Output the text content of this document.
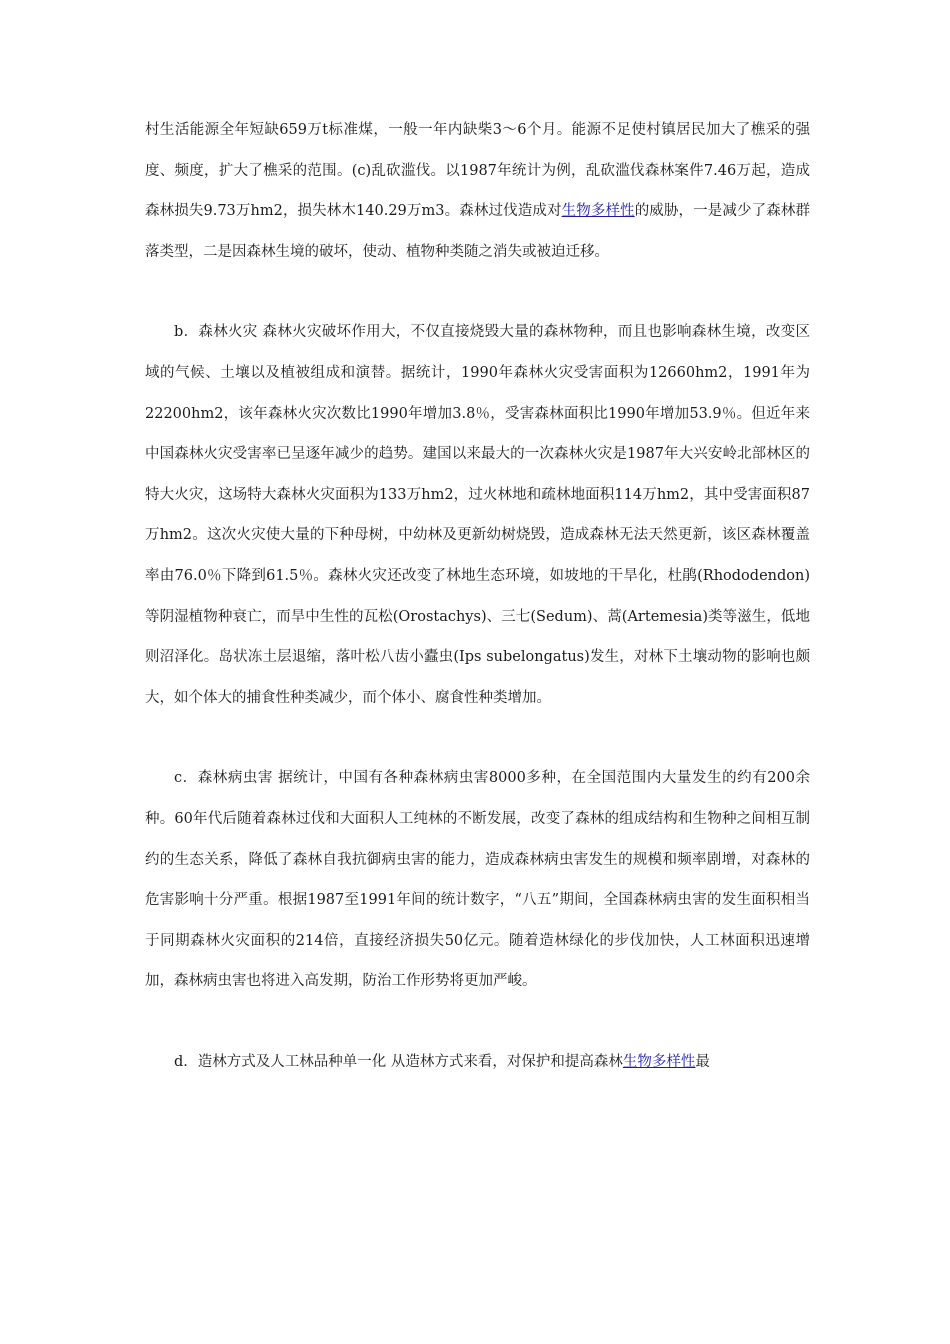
村生活能源全年短缺659万t标准煤，一般一年内缺柴3～6个月。能源不足使村镇居民加大了樵采的强度、频度，扩大了樵采的范围。(c)乱砍滥伐。以1987年统计为例，乱砍滥伐森林案件7.46万起，造成森林损失9.73万hm2，损失林木140.29万m3。森林过伐造成对生物多样性的威胁，一是减少了森林群落类型，二是因森林生境的破坏，使动、植物种类随之消失或被迫迁移。

b．森林火灾 森林火灾破坏作用大，不仅直接烧毁大量的森林物种，而且也影响森林生境，改变区域的气候、土壤以及植被组成和演替。据统计，1990年森林火灾受害面积为12660hm2，1991年为22200hm2，该年森林火灾次数比1990年增加3.8％，受害森林面积比1990年增加53.9％。但近年来中国森林火灾受害率已呈逐年减少的趋势。建国以来最大的一次森林火灾是1987年大兴安岭北部林区的特大火灾，这场特大森林火灾面积为133万hm2，过火林地和疏林地面积114万hm2，其中受害面积87万hm2。这次火灾使大量的下种母树，中幼林及更新幼树烧毁，造成森林无法天然更新，该区森林覆盖率由76.0％下降到61.5％。森林火灾还改变了林地生态环境，如坡地的干旱化，杜鹃(Rhododendon)等阴湿植物种衰亡，而旱中生性的瓦松(Orostachys)、三七(Sedum)、蒿(Artemesia)类等滋生，低地则沼泽化。岛状冻土层退缩，落叶松八齿小蠹虫(Ips subelongatus)发生，对林下土壤动物的影响也颇大，如个体大的捕食性种类减少，而个体小、腐食性种类增加。

c．森林病虫害 据统计，中国有各种森林病虫害8000多种，在全国范围内大量发生的约有200余种。60年代后随着森林过伐和大面积人工纯林的不断发展，改变了森林的组成结构和生物种之间相互制约的生态关系，降低了森林自我抗御病虫害的能力，造成森林病虫害发生的规模和频率剧增，对森林的危害影响十分严重。根据1987至1991年间的统计数字，“八五”期间，全国森林病虫害的发生面积相当于同期森林火灾面积的214倍，直接经济损失50亿元。随着造林绿化的步伐加快，人工林面积迅速增加，森林病虫害也将进入高发期，防治工作形势将更加严峻。

d．造林方式及人工林品种单一化 从造林方式来看，对保护和提高森林生物多样性最
